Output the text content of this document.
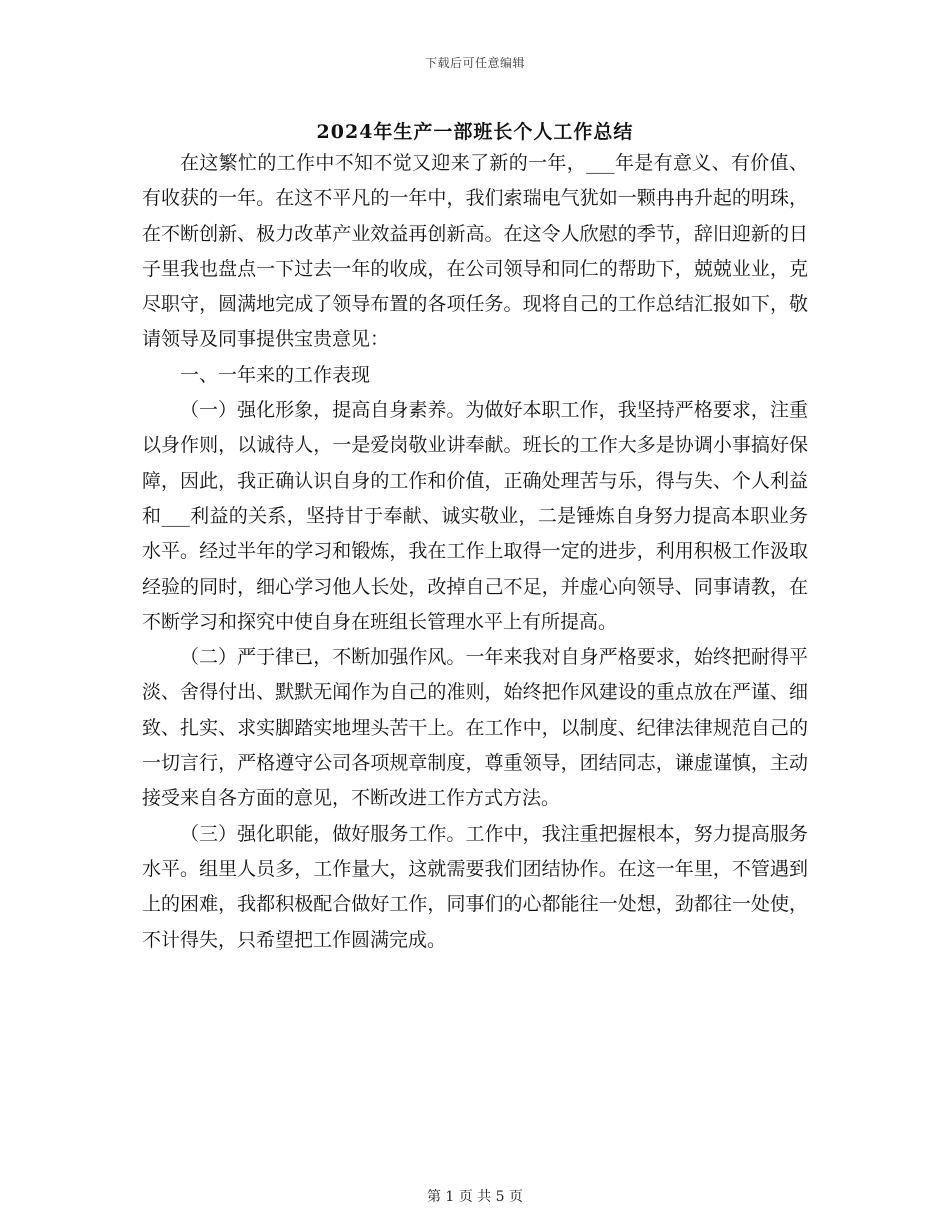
下载后可任意编辑
2024年生产一部班长个人工作总结

在这繁忙的工作中不知不觉又迎来了新的一年，___年是有意义、有价值、有收获的一年。在这不平凡的一年中，我们索瑞电气犹如一颗冉冉升起的明珠，在不断创新、极力改革产业效益再创新高。在这令人欣慰的季节，辞旧迎新的日子里我也盘点一下过去一年的收成，在公司领导和同仁的帮助下，兢兢业业，克尽职守，圆满地完成了领导布置的各项任务。现将自己的工作总结汇报如下，敬请领导及同事提供宝贵意见：

一、一年来的工作表现

（一）强化形象，提高自身素养。为做好本职工作，我坚持严格要求，注重以身作则，以诚待人，一是爱岗敬业讲奉献。班长的工作大多是协调小事搞好保障，因此，我正确认识自身的工作和价值，正确处理苦与乐，得与失、个人利益和___利益的关系，坚持甘于奉献、诚实敬业，二是锤炼自身努力提高本职业务水平。经过半年的学习和锻炼，我在工作上取得一定的进步，利用积极工作汲取经验的同时，细心学习他人长处，改掉自己不足，并虚心向领导、同事请教，在不断学习和探究中使自身在班组长管理水平上有所提高。

（二）严于律已，不断加强作风。一年来我对自身严格要求，始终把耐得平淡、舍得付出、默默无闻作为自己的准则，始终把作风建设的重点放在严谨、细致、扎实、求实脚踏实地埋头苦干上。在工作中，以制度、纪律法律规范自己的一切言行，严格遵守公司各项规章制度，尊重领导，团结同志，谦虚谨慎，主动接受来自各方面的意见，不断改进工作方式方法。

（三）强化职能，做好服务工作。工作中，我注重把握根本，努力提高服务水平。组里人员多，工作量大，这就需要我们团结协作。在这一年里，不管遇到上的困难，我都积极配合做好工作，同事们的心都能往一处想，劲都往一处使，不计得失，只希望把工作圆满完成。

第 1 页 共 5 页
